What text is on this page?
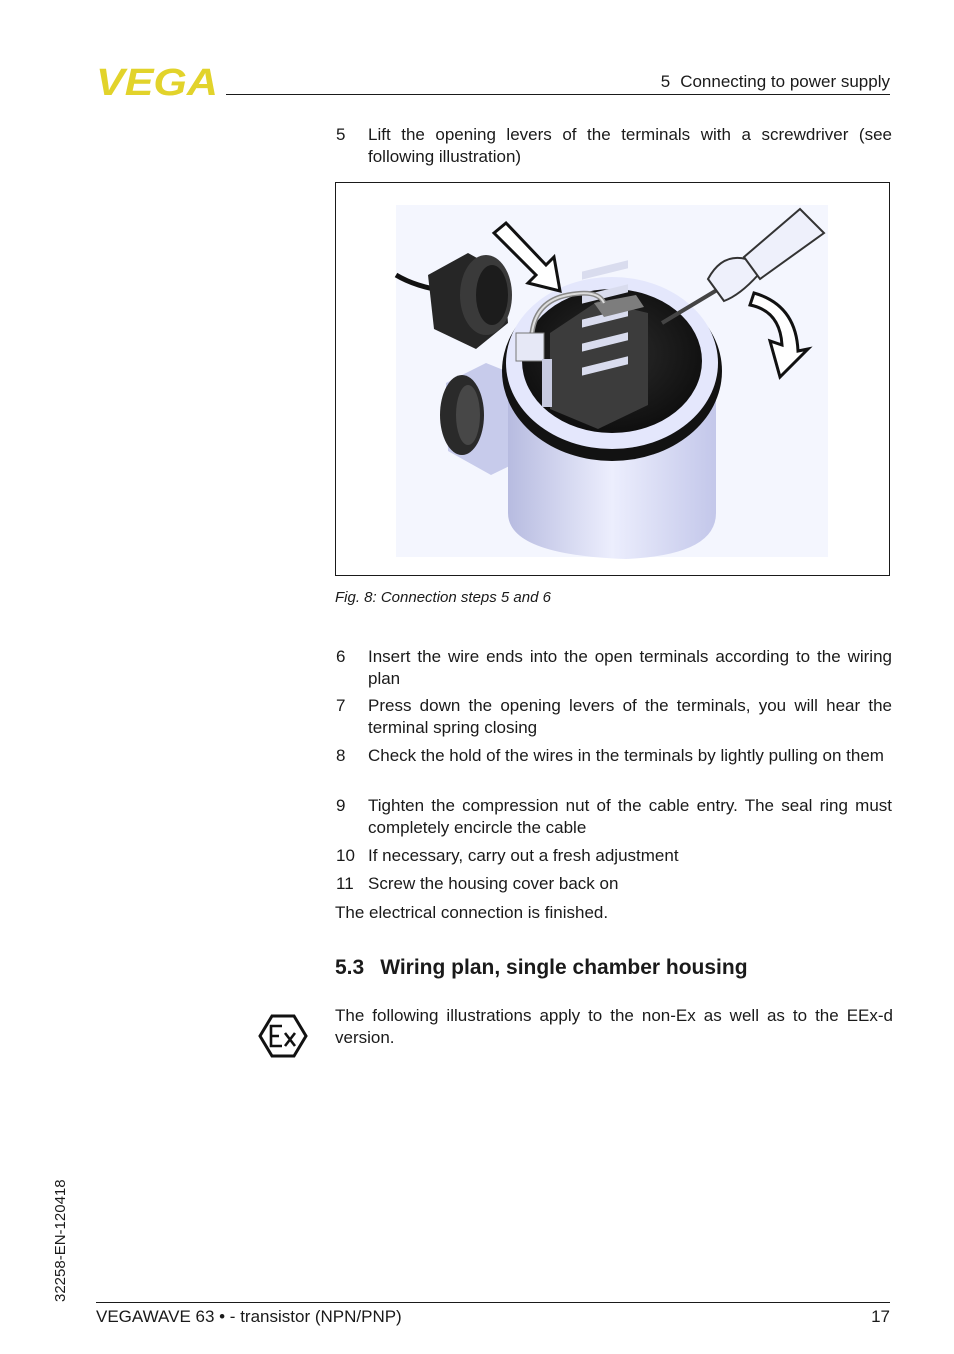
VEGA	5 Connecting to power supply
5 Lift the opening levers of the terminals with a screwdriver (see following illustration)
Fig. 8: Connection steps 5 and 6
6 Insert the wire ends into the open terminals according to the wiring plan
7 Press down the opening levers of the terminals, you will hear the terminal spring closing
8 Check the hold of the wires in the terminals by lightly pulling on them
9 Tighten the compression nut of the cable entry. The seal ring must completely encircle the cable
10 If necessary, carry out a fresh adjustment
11 Screw the housing cover back on
The electrical connection is finished.
5.3 Wiring plan, single chamber housing
The following illustrations apply to the non-Ex as well as to the EEx-d version.
32258-EN-120418
VEGAWAVE 63 • - transistor (NPN/PNP)	17
